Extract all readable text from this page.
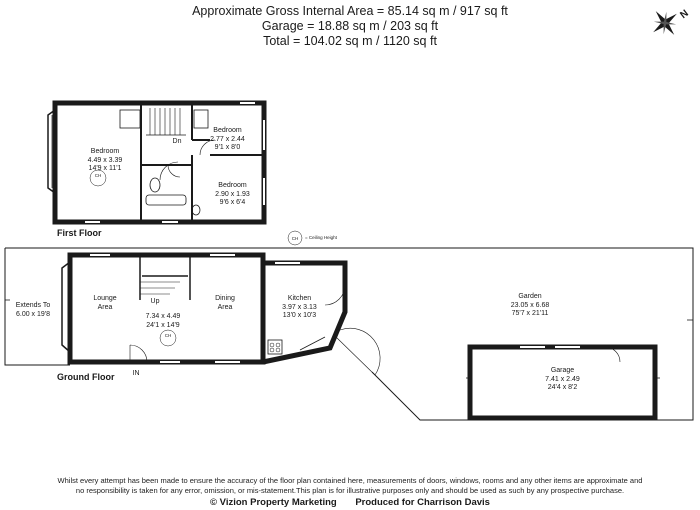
Approximate Gross Internal Area = 85.14 sq m / 917 sq ft
Garage = 18.88 sq m / 203 sq ft
Total = 104.02 sq m / 1120 sq ft
N
Bedroom
4.49 x 3.39
14'9 x 11'1
CH
Dn
Bedroom
2.77 x 2.44
9'1 x 8'0
Bedroom
2.90 x 1.93
9'6 x 6'4
First Floor
CH	= Ceiling Height
Extends To
6.00 x 19'8
Lounge
Area
Up
7.34 x 4.49
24'1 x 14'9
CH
Dining
Area
Kitchen
3.97 x 3.13
13'0 x 10'3
Garden
23.05 x 6.68
75'7 x 21'11
Garage
7.41 x 2.49
24'4 x 8'2
IN
Ground Floor
Whilst every attempt has been made to ensure the accuracy of the floor plan contained here, measurements of doors, windows, rooms and any other items are approximate and
no responsibility is taken for any error, omission, or mis-statement.This plan is for illustrative purposes only and should be used as such by any prospective purchase.
© Vizion Property Marketing Produced for Charrison Davis
